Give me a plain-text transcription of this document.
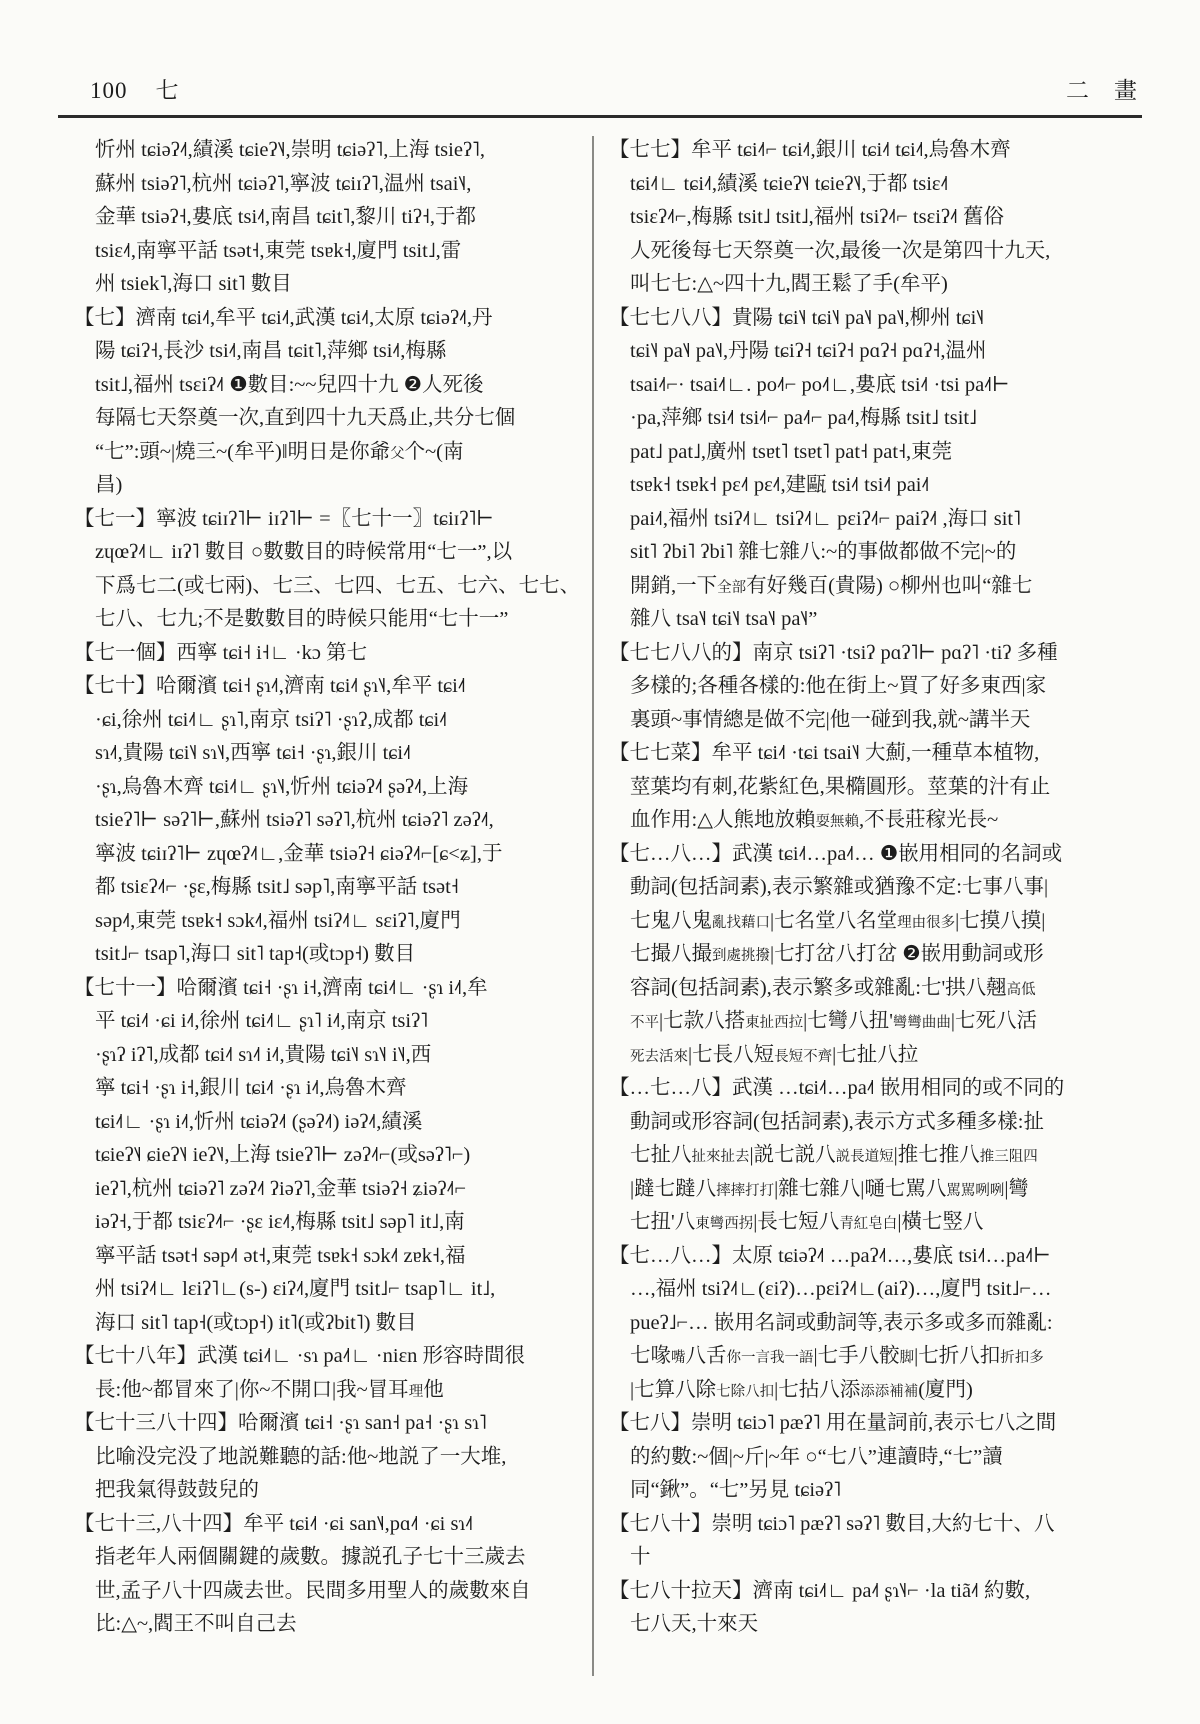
100 七	二　畫
忻州 tɕiəʔ˨˦,績溪 tɕieʔ˥˨,崇明 tɕiəʔ˥,上海 tsieʔ˥,
蘇州 tsiəʔ˥,杭州 tɕiəʔ˥,寧波 tɕiɪʔ˥,温州 tsai˥˨,
金華 tsiəʔ˧,婁底 tsi˨˦,南昌 tɕit˥,黎川 tiʔ˧,于都
tsiɛ˨˦,南寧平話 tsət˧,東莞 tsɐk˧,廈門 tsit˩,雷
州 tsiek˥,海口 sit˥ 數目
【七】濟南 tɕi˨˦,牟平 tɕi˨˦,武漢 tɕi˨˦,太原 tɕiəʔ˨˦,丹
陽 tɕiʔ˧,長沙 tsi˨˦,南昌 tɕit˥,萍鄉 tsi˨˦,梅縣
tsit˩,福州 tsɛiʔ˨˦ ❶數目:~~兒四十九 ❷人死後
每隔七天祭奠一次,直到四十九天爲止,共分七個
“七”:頭~|燒三~(牟平)‖明日是你爺父个~(南
昌)
【七一】寧波 tɕiɪʔ˥⊢ iɪʔ˥⊢ =〖七十一〗tɕiɪʔ˥⊢
zɥœʔ˨˦∟ iɪʔ˥ 數目 ○數數目的時候常用“七一”,以
下爲七二(或七兩)、七三、七四、七五、七六、七七、
七八、七九;不是數數目的時候只能用“七十一”
【七一個】西寧 tɕi˧ i˧∟ ·kɔ 第七
【七十】哈爾濱 tɕi˧ ʂɿ˨˦,濟南 tɕi˨˦ ʂɿ˥˨,牟平 tɕi˨˦
·ɕi,徐州 tɕi˨˦∟ ʂɿ˥,南京 tsiʔ˥ ·ʂɿʔ,成都 tɕi˨˦
sɿ˨˦,貴陽 tɕi˥˨ sɿ˥˨,西寧 tɕi˧ ·ʂɿ,銀川 tɕi˨˦
·ʂɿ,烏魯木齊 tɕi˨˦∟ ʂɿ˥˨,忻州 tɕiəʔ˨˦ ʂəʔ˨˦,上海
tsieʔ˥⊢ səʔ˥⊢,蘇州 tsiəʔ˥ səʔ˥,杭州 tɕiəʔ˥ zəʔ˨˦,
寧波 tɕiɪʔ˥⊢ zɥœʔ˨˦∟,金華 tsiəʔ˧ ɕiəʔ˨˦⌐[ɕ<ʑ],于
都 tsiɛʔ˨˦⌐ ·ʂɛ,梅縣 tsit˩ səp˥,南寧平話 tsət˧
səp˨˦,東莞 tsɐk˧ sɔk˨˦,福州 tsiʔ˨˦∟ sɛiʔ˥,廈門
tsit˩⌐ tsap˥,海口 sit˥ tap˧(或tɔp˧) 數目
【七十一】哈爾濱 tɕi˧ ·ʂɿ i˧,濟南 tɕi˨˦∟ ·ʂɿ i˨˦,牟
平 tɕi˨˦ ·ɕi i˨˦,徐州 tɕi˨˦∟ ʂɿ˥ i˨˦,南京 tsiʔ˥
·ʂɿʔ iʔ˥,成都 tɕi˨˦ sɿ˨˦ i˨˦,貴陽 tɕi˥˨ sɿ˥˨ i˥˨,西
寧 tɕi˧ ·ʂɿ i˧,銀川 tɕi˨˦ ·ʂɿ i˨˦,烏魯木齊
tɕi˨˦∟ ·ʂɿ i˨˦,忻州 tɕiəʔ˨˦ (ʂəʔ˨˦) iəʔ˨˦,績溪
tɕieʔ˥˨ ɕieʔ˥˨ ieʔ˥˨,上海 tsieʔ˥⊢ zəʔ˨˦⌐(或səʔ˥⌐)
ieʔ˥,杭州 tɕiəʔ˥ zəʔ˨˦ ʔiəʔ˥,金華 tsiəʔ˧ ʑiəʔ˨˦⌐
iəʔ˧,于都 tsiɛʔ˨˦⌐ ·ʂɛ iɛ˨˦,梅縣 tsit˩ səp˥ it˩,南
寧平話 tsət˧ səp˨˦ ət˧,東莞 tsɐk˧ sɔk˨˦ zɐk˧,福
州 tsiʔ˨˦∟ lɛiʔ˥∟(s-) ɛiʔ˨˦,廈門 tsit˩⌐ tsap˥∟ it˩,
海口 sit˥ tap˧(或tɔp˧) it˥(或ʔbit˥) 數目
【七十八年】武漢 tɕi˨˦∟ ·sɿ pa˨˦∟ ·niɛn 形容時間很
長:他~都冒來了|你~不開口|我~冒耳理他
【七十三八十四】哈爾濱 tɕi˧ ·ʂɿ san˧ pa˧ ·ʂɿ sɿ˥
比喻没完没了地説難聽的話:他~地説了一大堆,
把我氣得鼓鼓兒的
【七十三,八十四】牟平 tɕi˨˦ ·ɕi san˥˨,pɑ˨˦ ·ɕi sɿ˨˦
指老年人兩個關鍵的歲數。據説孔子七十三歲去
世,孟子八十四歲去世。民間多用聖人的歲數來自
比:△~,閻王不叫自己去
【七七】牟平 tɕi˨˦⌐ tɕi˨˦,銀川 tɕi˨˦ tɕi˨˦,烏魯木齊
tɕi˨˦∟ tɕi˨˦,績溪 tɕieʔ˥˨ tɕieʔ˥˨,于都 tsiɛ˨˦
tsiɛʔ˨˦⌐,梅縣 tsit˩ tsit˩,福州 tsiʔ˨˦⌐ tsɛiʔ˨˦ 舊俗
人死後每七天祭奠一次,最後一次是第四十九天,
叫七七:△~四十九,閻王鬆了手(牟平)
【七七八八】貴陽 tɕi˥˨ tɕi˥˨ pa˥˨ pa˥˨,柳州 tɕi˥˨
tɕi˥˨ pa˥˨ pa˥˨,丹陽 tɕiʔ˧ tɕiʔ˧ pɑʔ˧ pɑʔ˧,温州
tsai˨˦⌐· tsai˨˦∟. po˨˦⌐ po˨˦∟,婁底 tsi˨˦ ·tsi pa˨˦⊢
·pa,萍鄉 tsi˨˦ tsi˨˦⌐ pa˨˦⌐ pa˨˦,梅縣 tsit˩ tsit˩
pat˩ pat˩,廣州 tsɐt˥ tsɐt˥ pat˧ pat˧,東莞
tsɐk˧ tsɐk˧ pɛ˨˦ pɛ˨˦,建甌 tsi˨˦ tsi˨˦ pai˨˦
pai˨˦,福州 tsiʔ˨˦∟ tsiʔ˨˦∟ pɛiʔ˨˦⌐ paiʔ˨˦ ,海口 sit˥
sit˥ ʔbi˥ ʔbi˥ 雜七雜八:~的事做都做不完|~的
開銷,一下全部有好幾百(貴陽) ○柳州也叫“雜七
雜八 tsa˥˨ tɕi˥˨ tsa˥˨ pa˥˨”
【七七八八的】南京 tsiʔ˥ ·tsiʔ pɑʔ˥⊢ pɑʔ˥ ·tiʔ 多種
多樣的;各種各樣的:他在街上~買了好多東西|家
裏頭~事情總是做不完|他一碰到我,就~講半天
【七七菜】牟平 tɕi˨˦ ·tɕi tsai˥˨ 大薊,一種草本植物,
莖葉均有刺,花紫紅色,果橢圓形。莖葉的汁有止
血作用:△人熊地放賴耍無賴,不長莊稼光長~
【七…八…】武漢 tɕi˨˦…pa˨˦… ❶嵌用相同的名詞或
動詞(包括詞素),表示繁雜或猶豫不定:七事八事|
七鬼八鬼亂找藉口|七名堂八名堂理由很多|七摸八摸|
七撮八撮到處挑撥|七打岔八打岔 ❷嵌用動詞或形
容詞(包括詞素),表示繁多或雜亂:七'拱八翹高低
不平|七款八搭東扯西拉|七彎八扭'彎彎曲曲|七死八活
死去活來|七長八短長短不齊|七扯八拉
【…七…八】武漢 …tɕi˨˦…pa˨˦ 嵌用相同的或不同的
動詞或形容詞(包括詞素),表示方式多種多樣:扯
七扯八扯來扯去|説七説八説長道短|推七推八推三阻四
|躂七躂八摔摔打打|雜七雜八|嗵七駡八駡駡咧咧|彎
七扭'八東彎西拐|長七短八青紅皂白|橫七竪八
【七…八…】太原 tɕiəʔ˨˦ …paʔ˨˦…,婁底 tsi˨˦…pa˨˦⊢
…,福州 tsiʔ˨˦∟(ɛiʔ)…pɛiʔ˨˦∟(aiʔ)…,廈門 tsit˩⌐…
pueʔ˩⌐… 嵌用名詞或動詞等,表示多或多而雜亂:
七喙嘴八舌你一言我一語|七手八骹脚|七折八扣折扣多
|七算八除七除八扣|七拈八添添添補補(廈門)
【七八】崇明 tɕiɔ˥ pæʔ˥ 用在量詞前,表示七八之間
的約數:~個|~斤|~年 ○“七八”連讀時,“七”讀
同“鍬”。“七”另見 tɕiəʔ˥
【七八十】崇明 tɕiɔ˥ pæʔ˥ səʔ˥ 數目,大約七十、八
十
【七八十拉天】濟南 tɕi˨˦∟ pa˨˦ ʂɿ˥˨⌐ ·la tiã˨˦ 約數,
七八天,十來天
